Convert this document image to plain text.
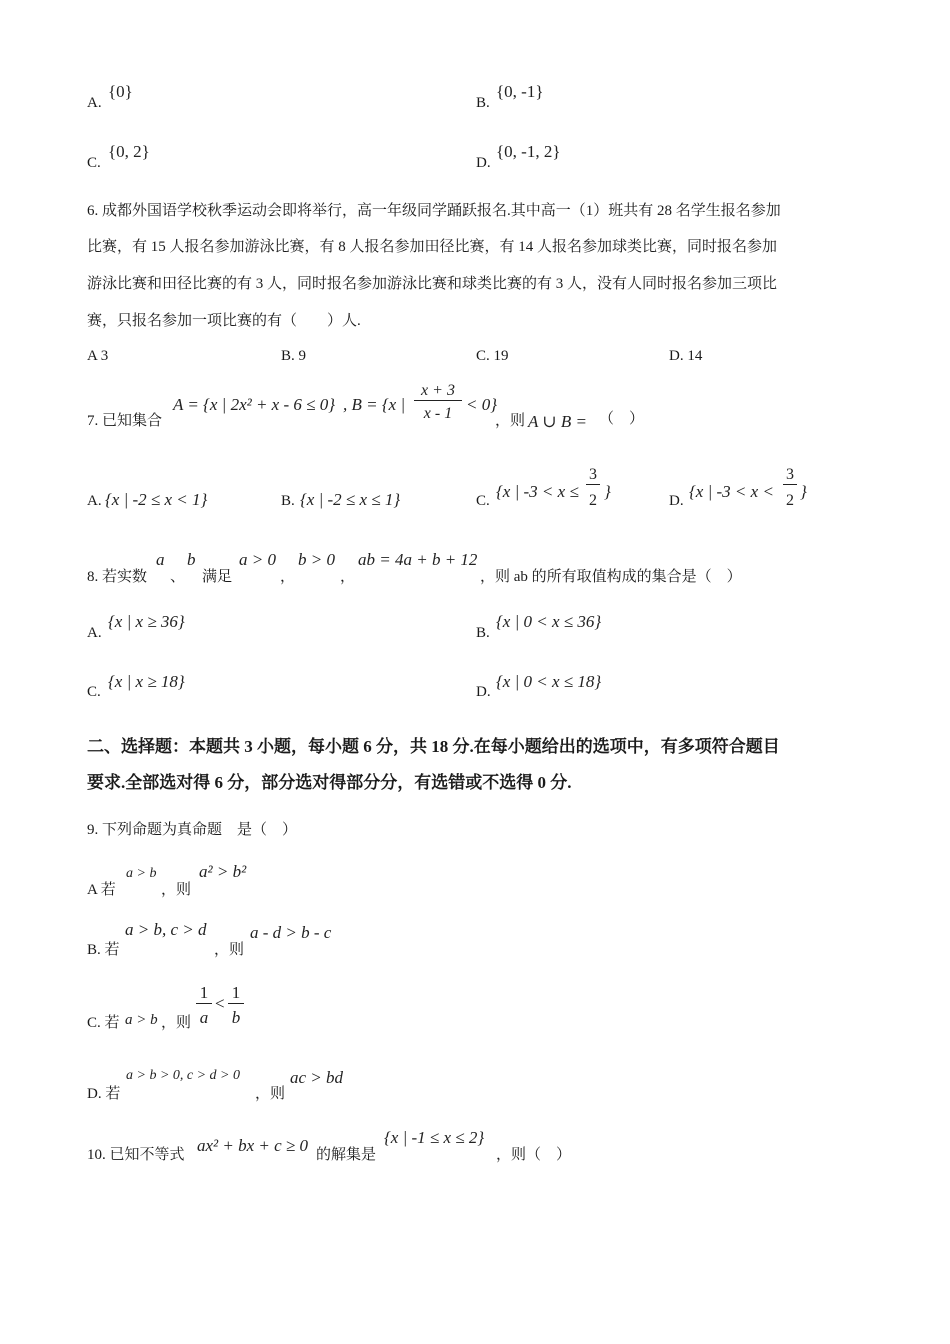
A.
{0}
B.
{0, -1}
C.
{0, 2}
D.
{0, -1, 2}
6. 成都外国语学校秋季运动会即将举行，高一年级同学踊跃报名.其中高一（1）班共有 28 名学生报名参加
比赛，有 15 人报名参加游泳比赛，有 8 人报名参加田径比赛，有 14 人报名参加球类比赛，同时报名参加
游泳比赛和田径比赛的有 3 人，同时报名参加游泳比赛和球类比赛的有 3 人，没有人同时报名参加三项比
赛，只报名参加一项比赛的有（　　）人.
A 3	B. 9	C. 19	D. 14
7. 已知集合
A = {x | 2x² + x - 6 ≤ 0} , B = {x |
x + 3
x - 1 < 0}
，则 A ∪ B = （　）
A. {x | -2 ≤ x < 1}	B. {x | -2 ≤ x ≤ 1}	C. {x | -3 < x ≤
3
2 }	D. {x | -3 < x <
3
2 }
8. 若实数
a
、
b
满足
a > 0
，
b > 0
，
ab = 4a + b + 12
，则 ab 的所有取值构成的集合是（　）
A.
{x | x ≥ 36}
B.
{x | 0 < x ≤ 36}
C.
{x | x ≥ 18}
D.
{x | 0 < x ≤ 18}
二、选择题：本题共 3 小题，每小题 6 分，共 18 分.在每小题给出的选项中，有多项符合题目
要求.全部选对得 6 分，部分选对得部分分，有选错或不选得 0 分.
9. 下列命题为真命题　是（　）
A 若
a > b
，则
a² > b²
B. 若
a > b, c > d
，则
a - d > b - c
C. 若 a > b ，则
1
a
<
1
b
D. 若
a > b > 0, c > d > 0
，则
ac > bd
10. 已知不等式 ax² + bx + c ≥ 0 的解集是
{x | -1 ≤ x ≤ 2}
，则（　）
